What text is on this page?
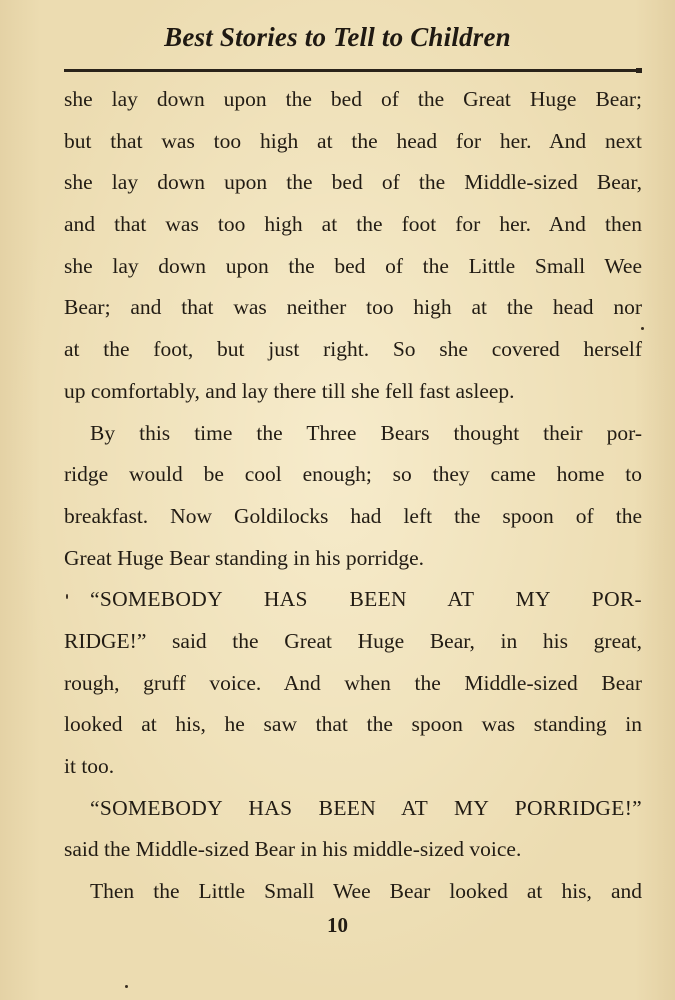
Best Stories to Tell to Children
she lay down upon the bed of the Great Huge Bear;
but that was too high at the head for her. And next
she lay down upon the bed of the Middle-sized Bear,
and that was too high at the foot for her. And then
she lay down upon the bed of the Little Small Wee
Bear; and that was neither too high at the head nor
at the foot, but just right. So she covered herself
up comfortably, and lay there till she fell fast asleep.
By this time the Three Bears thought their por-
ridge would be cool enough; so they came home to
breakfast. Now Goldilocks had left the spoon of the
Great Huge Bear standing in his porridge.
“SOMEBODY HAS BEEN AT MY POR-
RIDGE!” said the Great Huge Bear, in his great,
rough, gruff voice. And when the Middle-sized Bear
looked at his, he saw that the spoon was standing in
it too.
“SOMEBODY HAS BEEN AT MY PORRIDGE!”
said the Middle-sized Bear in his middle-sized voice.
Then the Little Small Wee Bear looked at his, and
10
